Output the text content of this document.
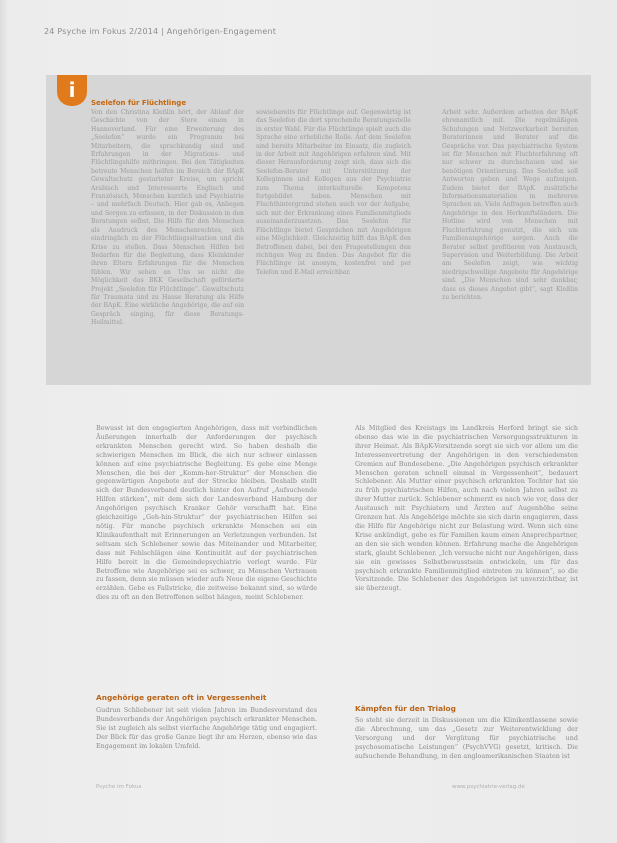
24 Psyche im Fokus 2/2014 | Angehörigen-Engagement
i
Seelefon für Flüchtlinge

Von den Christina Kleßlin hört, der Ablauf der Geschichte von der Stere einem in Hannoverland. Für eine Erweiterung des „Seelefon“ wurde ein Programm bei Mitarbeitern, die sprachkundig sind und Erfahrungen in der Migrations- und Flüchtlingshilfe mitbringen. Bei den Tätigkeiten betreute Menschen helfen im Bereich der BApK Gewaltschutz gestarteter Kreise, um spricht Arabisch und Interessierte Englisch und Französisch, Menschen kurzlich und Psychiatrie – und mehrfach Deutsch. Hier gab es, Anliegen und Sorgen zu erfassen, in der Diskussion in den Beratungen selbst. Die Hilfe für den Menschen als Ausdruck des Menschenrechtes, sich eindringlich zu der Flüchtlingssituation und die Krise zu stellen. Dass Menschen Hilfen bei Bedarfen für die Begleitung, dass Kleinkinder ihren Eltern Erfahrungen für die Menschen fühlen. Wir sehen an Uns so nicht die Möglichkeit das BKK Gesellschaft geförderte Projekt „Seelefon für Flüchtlinge“. Gewaltschutz für Traumata und zu Hause Beratung als Hilfe der BApK. Eine wirkliche Angehörige, die auf ein Gespräch einging, für diese Beratungs-Heilmittel.

sowiebereits für Flüchtlinge auf. Gegenwärtig ist das Seelefon die dort sprechende Beratungsstelle in erster Wahl. Für die Flüchtlinge spielt auch die Sprache eine erhebliche Rolle. Auf dem Seelefon sind bereits Mitarbeiter im Einsatz, die zugleich in der Arbeit mit Angehörigen erfahren sind. Mit dieser Herausforderung zeigt sich, dass sich die Seelefon-Berater mit Unterstützung der Kolleginnen und Kollegen aus der Psychiatrie zum Thema interkulturelle Kompetenz fortgebildet haben. Menschen mit Fluchthintergrund stehen auch vor der Aufgabe, sich mit der Erkrankung eines Familienmitglieds auseinanderzusetzen. Das Seelefon für Flüchtlinge bietet Gesprächen mit Angehörigen eine Möglichkeit. Gleichzeitig hilft das BApK den Betroffenen dabei, bei den Fragestellungen den richtigen Weg zu finden. Das Angebot für die Flüchtlinge ist anonym, kostenfrei und per Telefon und E-Mail erreichbar.

Arbeit sehr. Außerdem arbeiten der BApK ehrenamtlich mit. Die regelmäßigen Schulungen und Netzwerkarbeit bereiten Beraterinnen und Berater auf die Gespräche vor. Das psychiatrische System ist für Menschen mit Fluchterfahrung oft nur schwer zu durchschauen und sie benötigen Orientierung. Das Seelefon soll Antworten geben und Wege aufzeigen. Zudem bietet der BApK zusätzliche Informationsmaterialien in mehreren Sprachen an. Viele Anfragen betreffen auch Angehörige in den Herkunftsländern. Die Hotline wird von Menschen mit Fluchterfahrung genutzt, die sich um Familienangehörige sorgen. Auch die Berater selbst profitieren von Austausch, Supervision und Weiterbildung. Die Arbeit am Seelefon zeigt, wie wichtig niedrigschwellige Angebote für Angehörige sind. „Die Menschen sind sehr dankbar, dass es dieses Angebot gibt“, sagt Kleßlin zu berichten.

Bewusst ist den engagierten Angehörigen, dass mit verbindlichen Äußerungen innerhalb der Anforderungen der psychisch erkrankten Menschen gerecht wird. So haben deshalb die schwierigen Menschen im Blick, die sich nur schwer einlassen können auf eine psychiatrische Begleitung. Es gebe eine Menge Menschen, die bei der „Komm-her-Struktur“ der Menschen die gegenwärtigen Angebote auf der Strecke bleiben. Deshalb stellt sich der Bundesverband deutlich hinter den Aufruf „Aufsuchende Hilfen stärken“, mit dem sich der Landesverband Hamburg der Angehörigen psychisch Kranker Gehör verschafft hat. Eine gleichzeitige „Geh-hin-Struktur“ der psychiatrischen Hilfen sei nötig. Für manche psychisch erkrankte Menschen sei ein Klinikaufenthalt mit Erinnerungen an Verletzungen verbunden. Ist seltsam sich Schlebener sowie das Miteinander und Mitarbeiter, dass mit Fehlschlägen eine Kontinuität auf der psychiatrischen Hilfe bereit in die Gemeindepsychiatrie verlegt wurde. Für Betroffene wie Angehörige sei es schwer, zu Menschen Vertrauen zu fassen, denn sie müssen wieder aufs Neue die eigene Geschichte erzählen. Gebe es Fallstricke, die zeitweise bekannt sind, so würde dies zu oft an den Betroffenen selbst hängen, meint Schlebener.

Angehörige geraten oft in Vergessenheit

Gudrun Schliebener ist seit vielen Jahren im Bundesvorstand des Bundesverbands der Angehörigen psychisch erkrankter Menschen. Sie ist zugleich als selbst vierfache Angehörige tätig und engagiert. Der Blick für das große Ganze liegt ihr am Herzen, ebenso wie das Engagement im lokalen Umfeld.

Als Mitglied des Kreistags im Landkreis Herford bringt sie sich ebenso das wie in die psychiatrischen Versorgungsstrukturen in ihrer Heimat. Als BApK-Vorsitzende sorgt sie sich vor allem um die Interessenvertretung der Angehörigen in den verschiedensten Gremien auf Bundesebene. „Die Angehörigen psychisch erkrankter Menschen geraten schnell einmal in Vergessenheit“, bedauert Schlebener. Als Mutter einer psychisch erkrankten Tochter hat sie zu früh psychiatrischen Hilfen, auch nach vielen Jahren selbst zu ihrer Mutter zurück. Schlebener schmerzt es nach wie vor, dass der Austausch mit Psychiatern und Ärzten auf Augenhöhe seine Grenzen hat. Als Angehörige möchte sie sich darin engagieren, dass die Hilfe für Angehörige nicht zur Belastung wird. Wenn sich eine Krise ankündigt, gebe es für Familien kaum einen Ansprechpartner, an den sie sich wenden können. Erfahrung mache die Angehörigen stark, glaubt Schlebener. „Ich versuche nicht nur Angehörigen, dass sie ein gewisses Selbstbewusstsein entwickeln, um für das psychisch erkrankte Familienmitglied eintreten zu können“, so die Vorsitzende. Die Schlebener des Angehörigen ist unverzichtbar, ist sie überzeugt.

Kämpfen für den Trialog

So steht sie derzeit in Diskussionen um die Klinikentlassene sowie die Abrechnung, um das „Gesetz zur Weiterentwicklung der Versorgung und der Vergütung für psychiatrische und psychosomatische Leistungen“ (PsychVVG) gesetzt, kritisch. Die aufsuchende Behandlung, in den angloamerikanischen Staaten ist

Psyche im Fokus	www.psychiatrie-verlag.de
